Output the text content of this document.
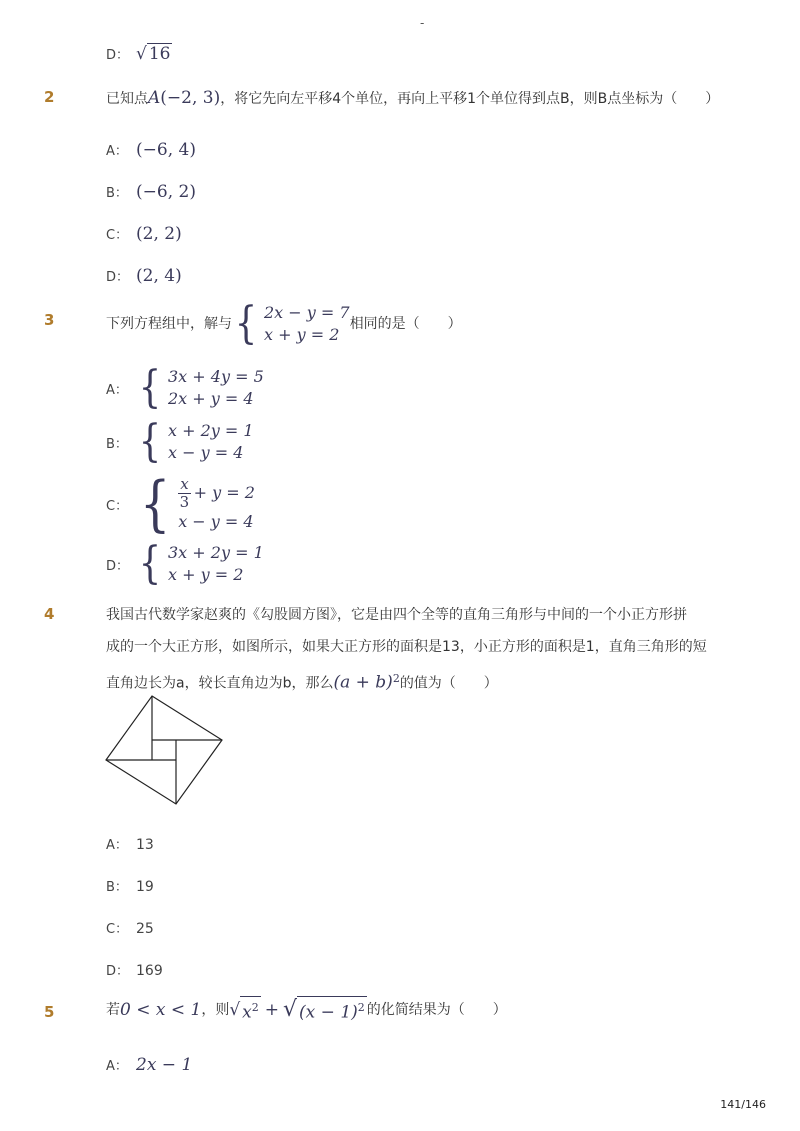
-
D： √ 16
2	已知点A(−2, 3)，将它先向左平移4个单位，再向上平移1个单位得到点B，则B点坐标为（　　）
A： (−6, 4)
B： (−6, 2)
C： (2, 2)
D： (2, 4)
3	下列方程组中，解与 { 2x − y = 7
x + y = 2
相同的是（　　）
A： { 3x + 4y = 5
2x + y = 4
B： { x + 2y = 1
x − y = 4
C： { $\frac{x}{3} + y = 2$
x − y = 4
D： { 3x + 2y = 1
x + y = 2
4	我国古代数学家赵爽的《勾股圆方图》，它是由四个全等的直角三角形与中间的一个小正方形拼
成的一个大正方形，如图所示，如果大正方形的面积是13，小正方形的面积是1，直角三角形的短
直角边长为a，较长直角边为b，那么$(a + b)^2$的值为（　　）
A： 13
B： 19
C： 25
D： 169
5	若 0 < x < 1 ，则 √ $x^2$ + √ $(x - 1)^2$ 的化简结果为（　　）
A： 2x − 1
141/146
